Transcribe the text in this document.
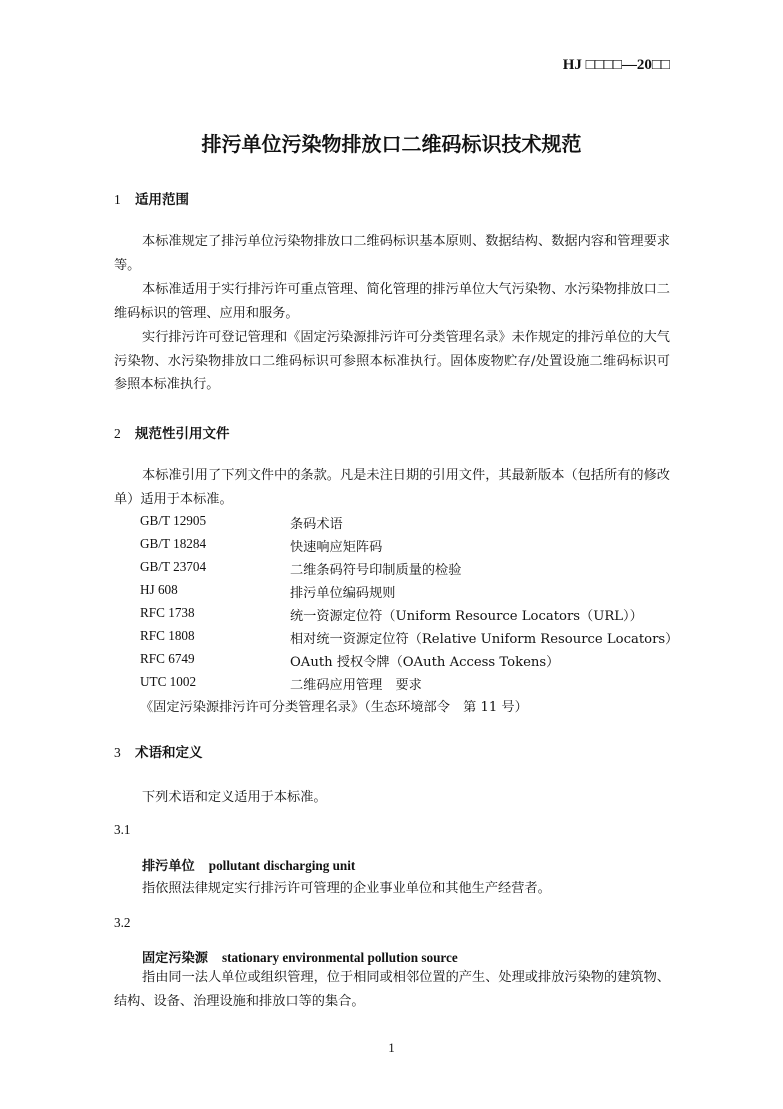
HJ □□□□—20□□
排污单位污染物排放口二维码标识技术规范
1 适用范围
本标准规定了排污单位污染物排放口二维码标识基本原则、数据结构、数据内容和管理要求等。
本标准适用于实行排污许可重点管理、简化管理的排污单位大气污染物、水污染物排放口二维码标识的管理、应用和服务。
实行排污许可登记管理和《固定污染源排污许可分类管理名录》未作规定的排污单位的大气污染物、水污染物排放口二维码标识可参照本标准执行。固体废物贮存/处置设施二维码标识可参照本标准执行。
2 规范性引用文件
本标准引用了下列文件中的条款。凡是未注日期的引用文件，其最新版本（包括所有的修改单）适用于本标准。
GB/T 12905	条码术语
GB/T 18284	快速响应矩阵码
GB/T 23704	二维条码符号印制质量的检验
HJ 608	排污单位编码规则
RFC 1738	统一资源定位符（Uniform Resource Locators（URL））
RFC 1808	相对统一资源定位符（Relative Uniform Resource Locators）
RFC 6749	OAuth 授权令牌（OAuth Access Tokens）
UTC 1002	二维码应用管理　要求
《固定污染源排污许可分类管理名录》（生态环境部令　第 11 号）
3 术语和定义
下列术语和定义适用于本标准。
3.1
排污单位 pollutant discharging unit
指依照法律规定实行排污许可管理的企业事业单位和其他生产经营者。
3.2
固定污染源 stationary environmental pollution source
指由同一法人单位或组织管理，位于相同或相邻位置的产生、处理或排放污染物的建筑物、结构、设备、治理设施和排放口等的集合。
1
